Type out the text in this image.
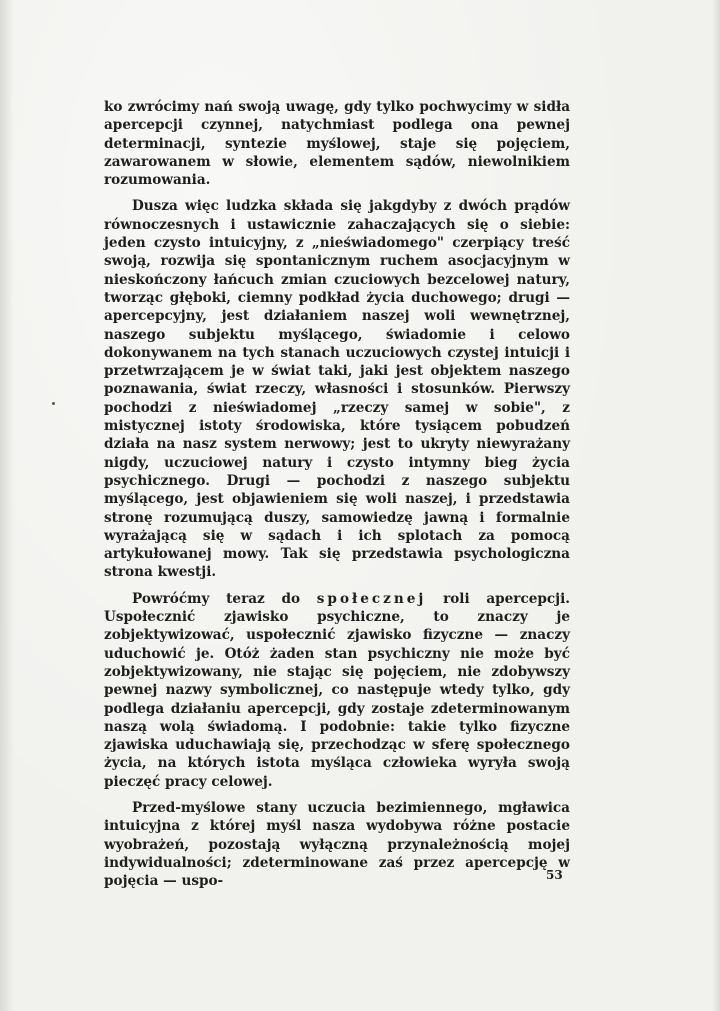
ko zwrócimy nań swoją uwagę, gdy tylko pochwycimy w sidła apercepcji czynnej, natychmiast podlega ona pewnej determinacji, syntezie myślowej, staje się pojęciem, zawarowanem w słowie, elementem sądów, niewolnikiem rozumowania.

Dusza więc ludzka składa się jakgdyby z dwóch prądów równoczesnych i ustawicznie zahaczających się o siebie: jeden czysto intuicyjny, z „nieświadomego" czerpiący treść swoją, rozwija się spontanicznym ruchem asocjacyjnym w nieskończony łańcuch zmian czuciowych bezcelowej natury, tworząc głęboki, ciemny podkład życia duchowego; drugi — apercepcyjny, jest działaniem naszej woli wewnętrznej, naszego subjektu myślącego, świadomie i celowo dokonywanem na tych stanach uczuciowych czystej intuicji i przetwrzającem je w świat taki, jaki jest objektem naszego poznawania, świat rzeczy, własności i stosunków. Pierwszy pochodzi z nieświadomej „rzeczy samej w sobie", z mistycznej istoty środowiska, które tysiącem pobudzeń działa na nasz system nerwowy; jest to ukryty niewyrażany nigdy, uczuciowej natury i czysto intymny bieg życia psychicznego. Drugi — pochodzi z naszego subjektu myślącego, jest objawieniem się woli naszej, i przedstawia stronę rozumującą duszy, samowiedzę jawną i formalnie wyrażającą się w sądach i ich splotach za pomocą artykułowanej mowy. Tak się przedstawia psychologiczna strona kwestji.

Powróćmy teraz do społecznej roli apercepcji. Uspołecznić zjawisko psychiczne, to znaczy je zobjektywizować, uspołecznić zjawisko fizyczne — znaczy uduchowić je. Otóż żaden stan psychiczny nie może być zobjektywizowany, nie stając się pojęciem, nie zdobywszy pewnej nazwy symbolicznej, co następuje wtedy tylko, gdy podlega działaniu apercepcji, gdy zostaje zdeterminowanym naszą wolą świadomą. I podobnie: takie tylko fizyczne zjawiska uduchawiają się, przechodząc w sferę społecznego życia, na których istota myśląca człowieka wyryła swoją pieczęć pracy celowej.

Przed-myślowe stany uczucia bezimiennego, mgławica intuicyjna z której myśl nasza wydobywa różne postacie wyobrażeń, pozostają wyłączną przynależnością mojej indywidualności; zdeterminowane zaś przez apercepcję w pojęcia — uspo-	53
